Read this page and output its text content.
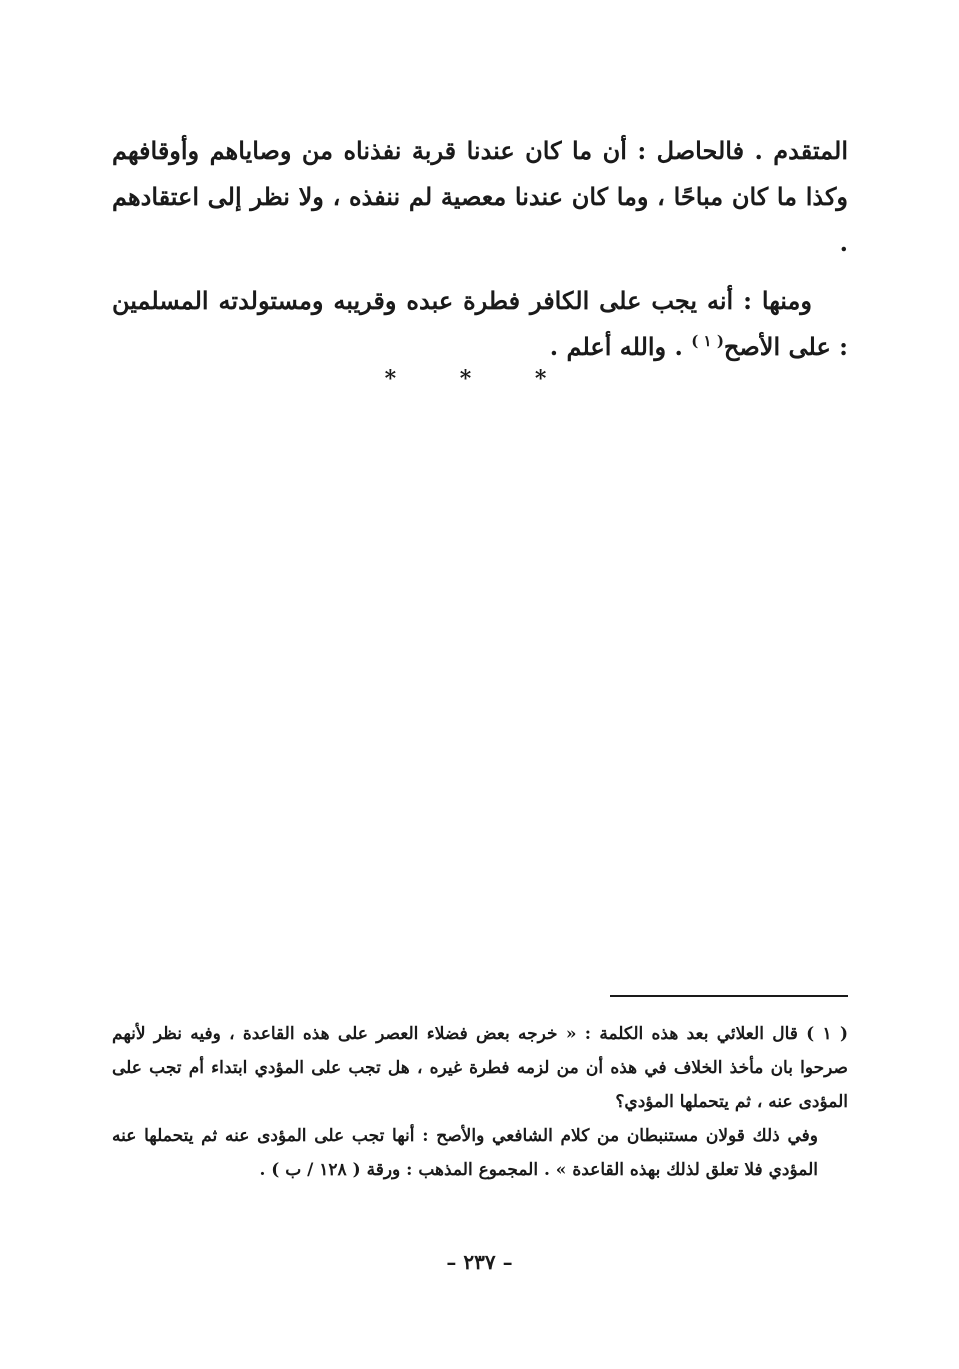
المتقدم . فالحاصل : أن ما كان عندنا قربة نفذناه من وصاياهم وأوقافهم وكذا ما كان مباحًا ، وما كان عندنا معصية لم ننفذه ، ولا نظر إلى اعتقادهم .

ومنها : أنه يجب على الكافر فطرة عبده وقريبه ومستولدته المسلمين : على الأصح$^{( ١ )}$ . والله أعلم .

* * *

( ١ ) قال العلائي بعد هذه الكلمة : « خرجه بعض فضلاء العصر على هذه القاعدة ، وفيه نظر لأنهم صرحوا بان مأخذ الخلاف في هذه أن من لزمه فطرة غيره ، هل تجب على المؤدي ابتداء أم تجب على المؤدى عنه ، ثم يتحملها المؤدي؟

وفي ذلك قولان مستنبطان من كلام الشافعي والأصح : أنها تجب على المؤدى عنه ثم يتحملها عنه المؤدي فلا تعلق لذلك بهذه القاعدة » . المجموع المذهب : ورقة ( ١٢٨ / ب ) .

– ٢٣٧ –
